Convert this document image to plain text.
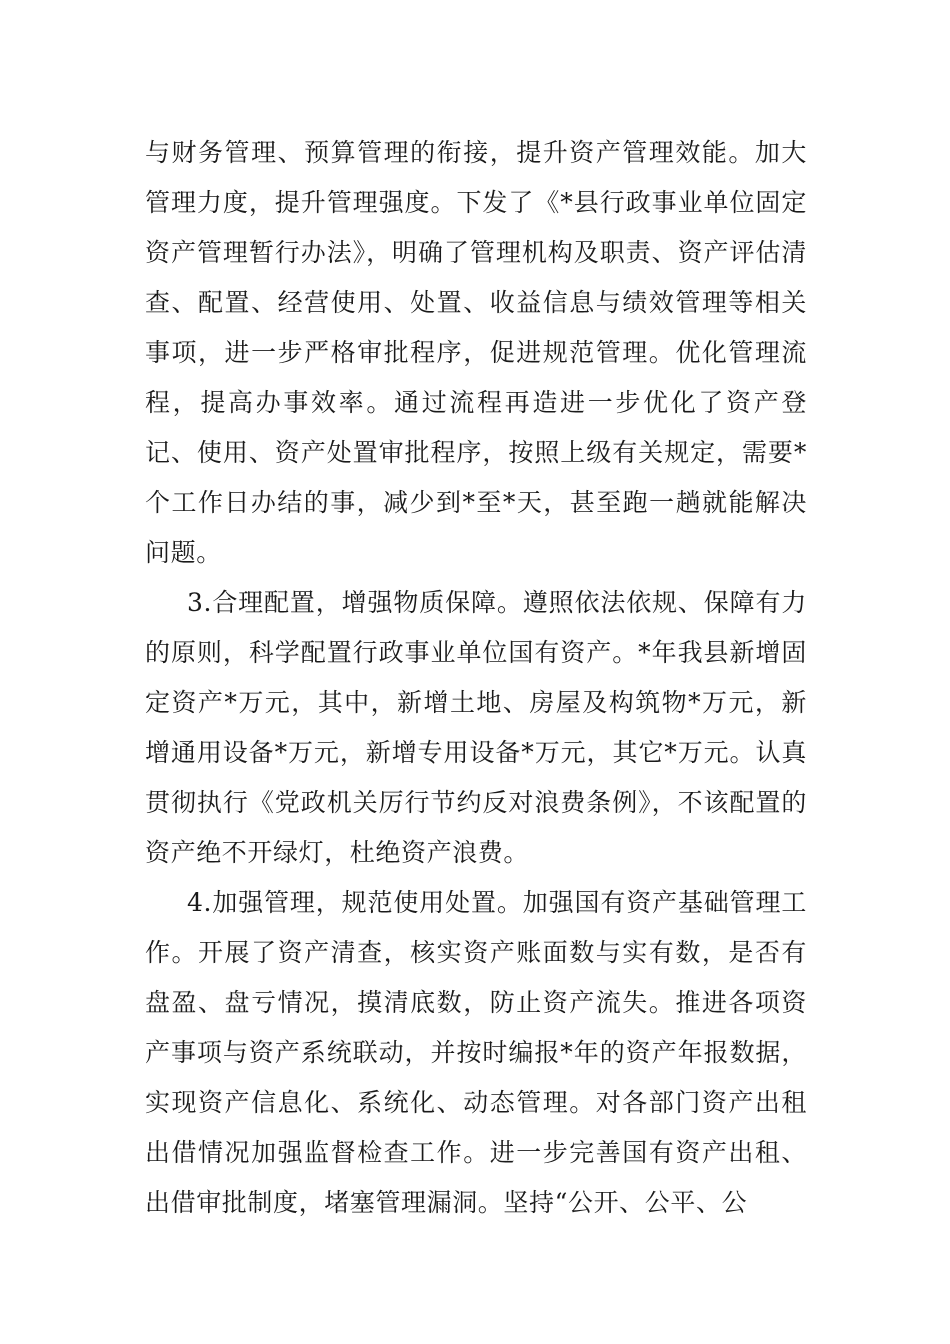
与财务管理、预算管理的衔接，提升资产管理效能。加大管理力度，提升管理强度。下发了《*县行政事业单位固定资产管理暂行办法》，明确了管理机构及职责、资产评估清查、配置、经营使用、处置、收益信息与绩效管理等相关事项，进一步严格审批程序，促进规范管理。优化管理流程，提高办事效率。通过流程再造进一步优化了资产登记、使用、资产处置审批程序，按照上级有关规定，需要*个工作日办结的事，减少到*至*天，甚至跑一趟就能解决问题。

3.合理配置，增强物质保障。遵照依法依规、保障有力的原则，科学配置行政事业单位国有资产。*年我县新增固定资产*万元，其中，新增土地、房屋及构筑物*万元，新增通用设备*万元，新增专用设备*万元，其它*万元。认真贯彻执行《党政机关厉行节约反对浪费条例》，不该配置的资产绝不开绿灯，杜绝资产浪费。

4.加强管理，规范使用处置。加强国有资产基础管理工作。开展了资产清查，核实资产账面数与实有数，是否有盘盈、盘亏情况，摸清底数，防止资产流失。推进各项资产事项与资产系统联动，并按时编报*年的资产年报数据，实现资产信息化、系统化、动态管理。对各部门资产出租出借情况加强监督检查工作。进一步完善国有资产出租、出借审批制度，堵塞管理漏洞。坚持“公开、公平、公
